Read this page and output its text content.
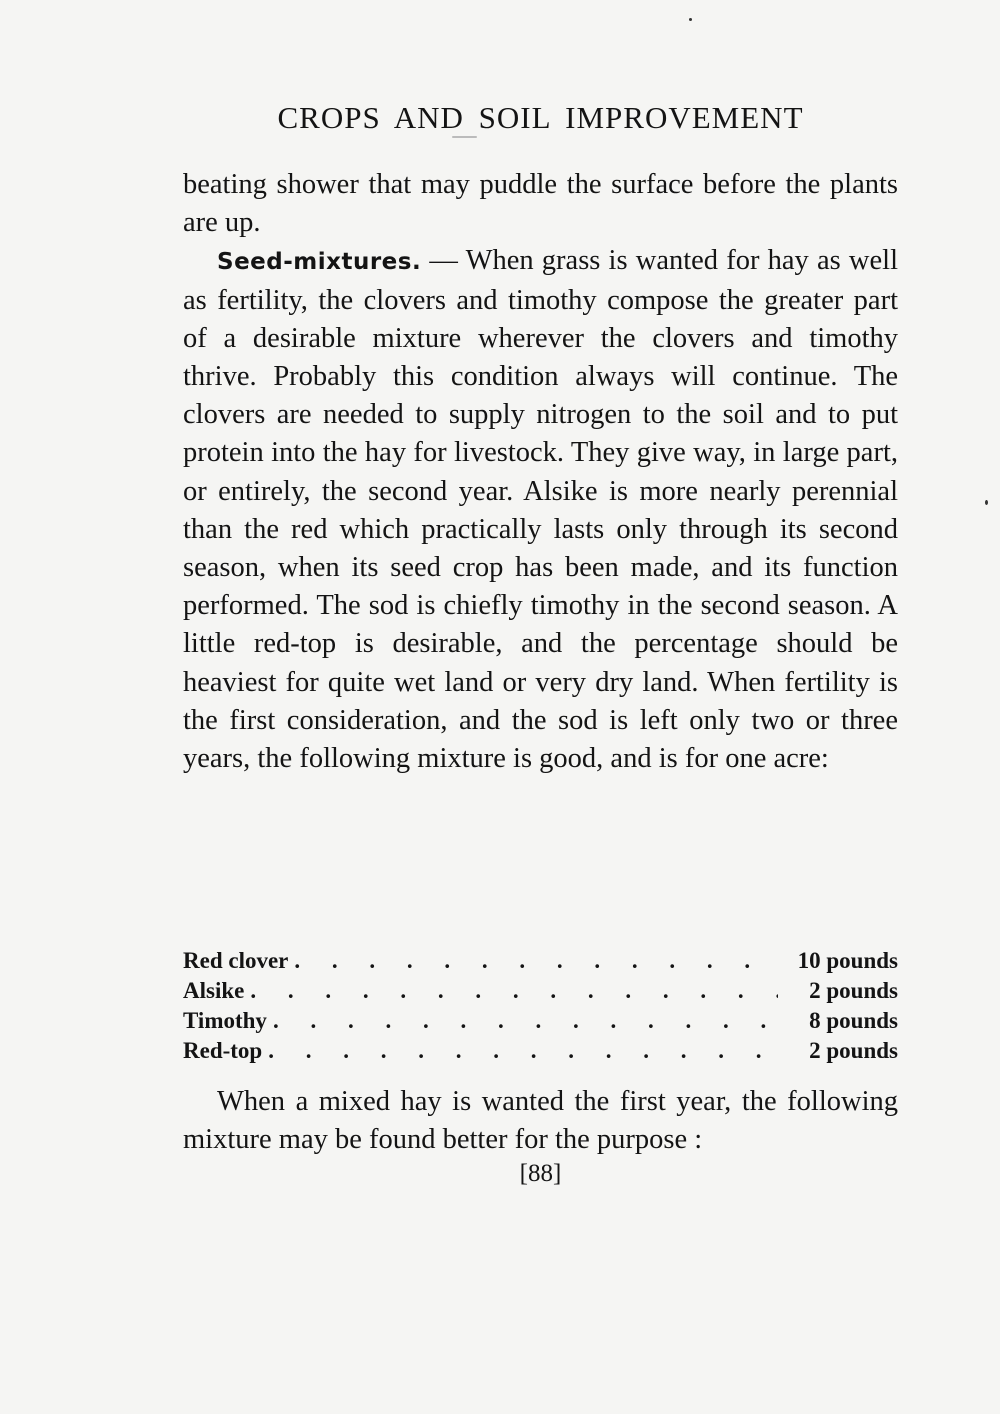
CROPS AND SOIL IMPROVEMENT

beating shower that may puddle the surface before the plants are up.

Seed-mixtures. — When grass is wanted for hay as well as fertility, the clovers and timothy compose the greater part of a desirable mixture wherever the clovers and timothy thrive. Probably this condition always will continue. The clovers are needed to supply nitrogen to the soil and to put protein into the hay for livestock. They give way, in large part, or entirely, the second year. Alsike is more nearly perennial than the red which practically lasts only through its second season, when its seed crop has been made, and its function performed. The sod is chiefly timothy in the second season. A little red-top is desirable, and the percentage should be heaviest for quite wet land or very dry land. When fertility is the first consideration, and the sod is left only two or three years, the following mixture is good, and is for one acre:

Red clover . . .	10 pounds
Alsike . . .	2 pounds
Timothy . . .	8 pounds
Red-top . . .	2 pounds

When a mixed hay is wanted the first year, the following mixture may be found better for the purpose :

[88]
